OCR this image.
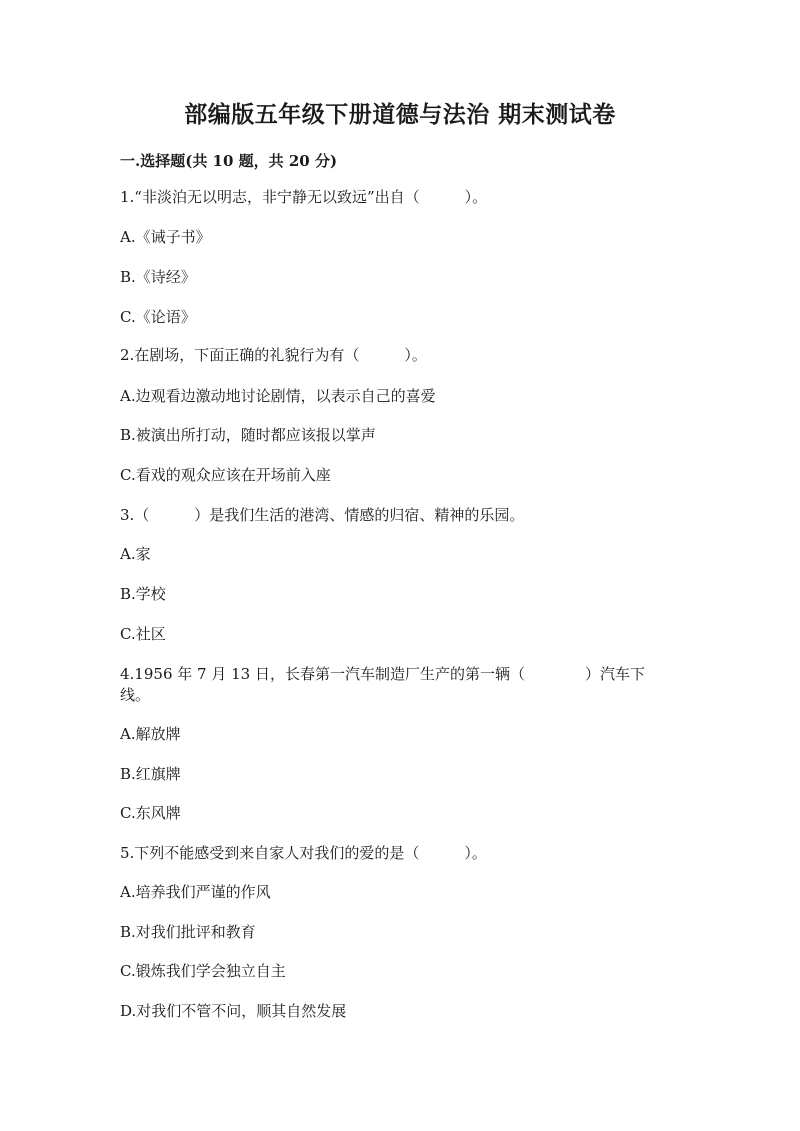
部编版五年级下册道德与法治 期末测试卷
一.选择题(共 10 题，共 20 分)
1.“非淡泊无以明志，非宁静无以致远”出自（　　　）。
A.《诫子书》
B.《诗经》
C.《论语》
2.在剧场，下面正确的礼貌行为有（　　　）。
A.边观看边激动地讨论剧情，以表示自己的喜爱
B.被演出所打动，随时都应该报以掌声
C.看戏的观众应该在开场前入座
3.（　　　）是我们生活的港湾、情感的归宿、精神的乐园。
A.家
B.学校
C.社区
4.1956 年 7 月 13 日，长春第一汽车制造厂生产的第一辆（　　　　）汽车下
线。
A.解放牌
B.红旗牌
C.东风牌
5.下列不能感受到来自家人对我们的爱的是（　　　）。
A.培养我们严谨的作风
B.对我们批评和教育
C.锻炼我们学会独立自主
D.对我们不管不问，顺其自然发展
